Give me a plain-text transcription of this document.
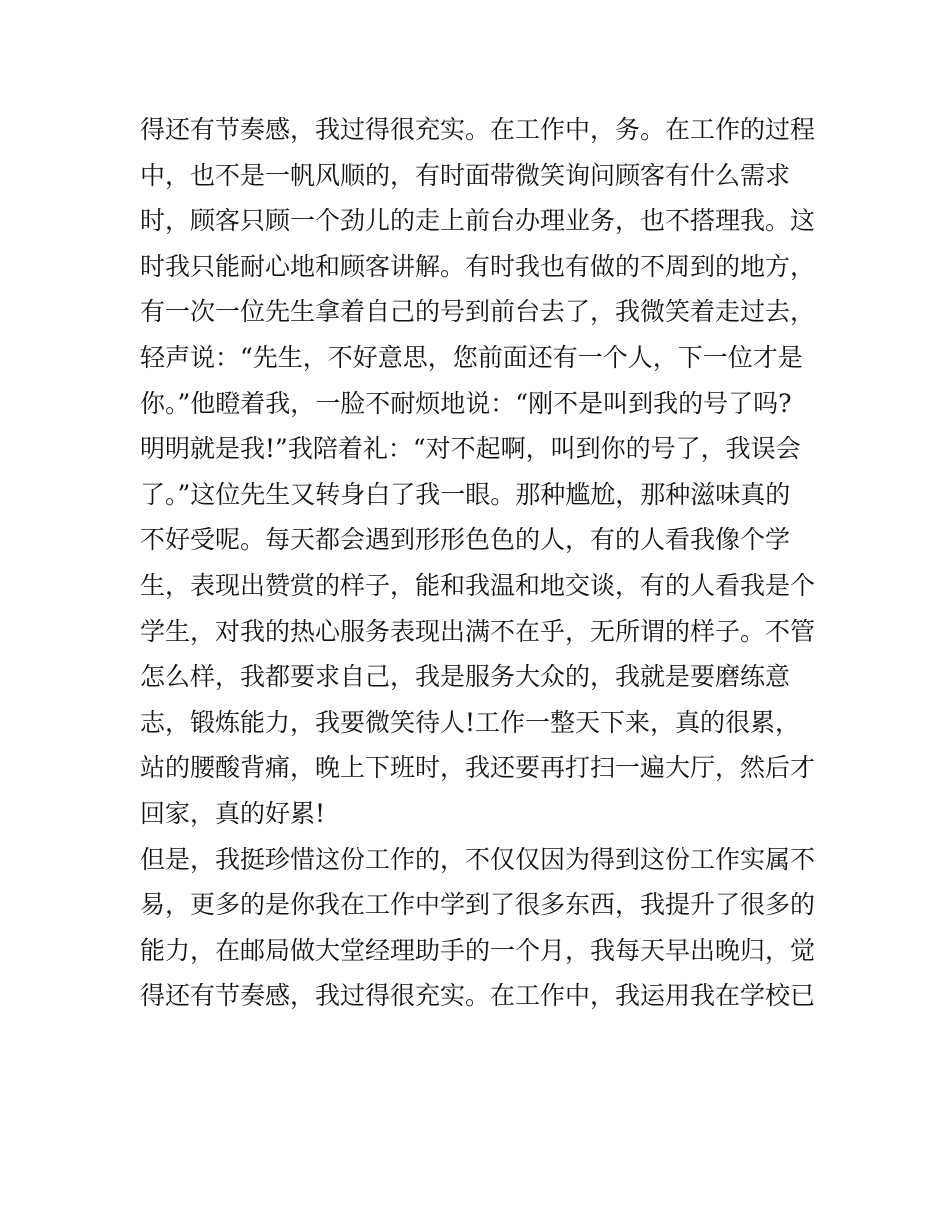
得还有节奏感，我过得很充实。在工作中，务。在工作的过程
中，也不是一帆风顺的，有时面带微笑询问顾客有什么需求
时，顾客只顾一个劲儿的走上前台办理业务，也不搭理我。这
时我只能耐心地和顾客讲解。有时我也有做的不周到的地方，
有一次一位先生拿着自己的号到前台去了，我微笑着走过去，
轻声说：“先生，不好意思，您前面还有一个人，下一位才是
你。”他瞪着我，一脸不耐烦地说：“刚不是叫到我的号了吗?
明明就是我!”我陪着礼：“对不起啊，叫到你的号了，我误会
了。”这位先生又转身白了我一眼。那种尴尬，那种滋味真的
不好受呢。每天都会遇到形形色色的人，有的人看我像个学
生，表现出赞赏的样子，能和我温和地交谈，有的人看我是个
学生，对我的热心服务表现出满不在乎，无所谓的样子。不管
怎么样，我都要求自己，我是服务大众的，我就是要磨练意
志，锻炼能力，我要微笑待人!工作一整天下来，真的很累，
站的腰酸背痛，晚上下班时，我还要再打扫一遍大厅，然后才
回家，真的好累!
但是，我挺珍惜这份工作的，不仅仅因为得到这份工作实属不
易，更多的是你我在工作中学到了很多东西，我提升了很多的
能力，在邮局做大堂经理助手的一个月，我每天早出晚归，觉
得还有节奏感，我过得很充实。在工作中，我运用我在学校已
